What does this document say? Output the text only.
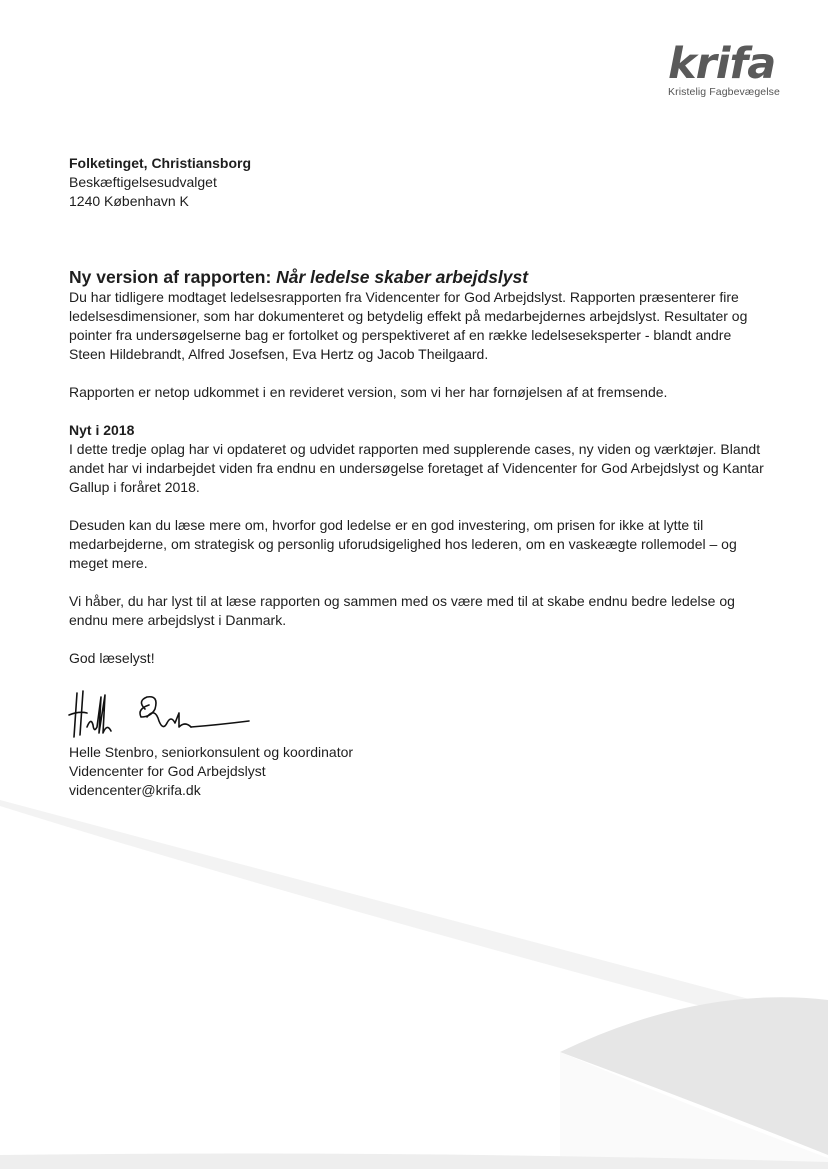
krifa
Kristelig Fagbevægelse

Folketinget, Christiansborg

Beskæftigelsesudvalget

1240 København K

Ny version af rapporten: Når ledelse skaber arbejdslyst

Du har tidligere modtaget ledelsesrapporten fra Videncenter for God Arbejdslyst. Rapporten præsenterer fire ledelsesdimensioner, som har dokumenteret og betydelig effekt på medarbejdernes arbejdslyst. Resultater og pointer fra undersøgelserne bag er fortolket og perspektiveret af en række ledelseseksperter - blandt andre Steen Hildebrandt, Alfred Josefsen, Eva Hertz og Jacob Theilgaard.

Rapporten er netop udkommet i en revideret version, som vi her har fornøjelsen af at fremsende.

Nyt i 2018

I dette tredje oplag har vi opdateret og udvidet rapporten med supplerende cases, ny viden og værktøjer. Blandt andet har vi indarbejdet viden fra endnu en undersøgelse foretaget af Videncenter for God Arbejdslyst og Kantar Gallup i foråret 2018.

Desuden kan du læse mere om, hvorfor god ledelse er en god investering, om prisen for ikke at lytte til medarbejderne, om strategisk og personlig uforudsigelighed hos lederen, om en vaskeægte rollemodel – og meget mere.

Vi håber, du har lyst til at læse rapporten og sammen med os være med til at skabe endnu bedre ledelse og endnu mere arbejdslyst i Danmark.

God læselyst!

Helle Stenbro, seniorkonsulent og koordinator

Videncenter for God Arbejdslyst

videncenter@krifa.dk
